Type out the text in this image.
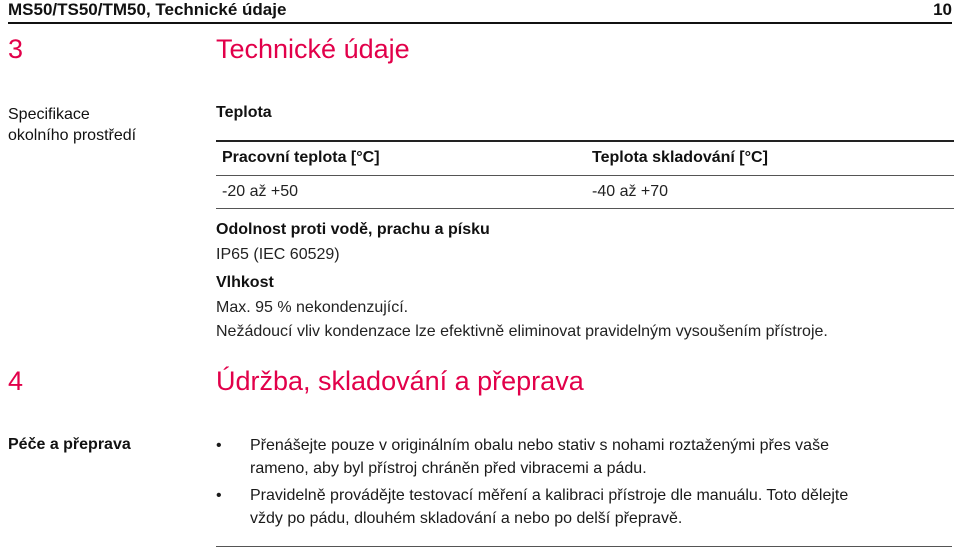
MS50/TS50/TM50, Technické údaje	10
3	Technické údaje
Specifikace
okolního prostředí
Teplota
Pracovní teplota [°C]	Teplota skladování [°C]
-20 až +50	-40 až +70
Odolnost proti vodě, prachu a písku
IP65 (IEC 60529)
Vlhkost
Max. 95 % nekondenzující.
Nežádoucí vliv kondenzace lze efektivně eliminovat pravidelným vysoušením přístroje.
4	Údržba, skladování a přeprava
Péče a přeprava	•	Přenášejte pouze v originálním obalu nebo stativ s nohami roztaženými přes vaše
rameno, aby byl přístroj chráněn před vibracemi a pádu.
•	Pravidelně provádějte testovací měření a kalibraci přístroje dle manuálu. Toto dělejte
vždy po pádu, dlouhém skladování a nebo po delší přepravě.
